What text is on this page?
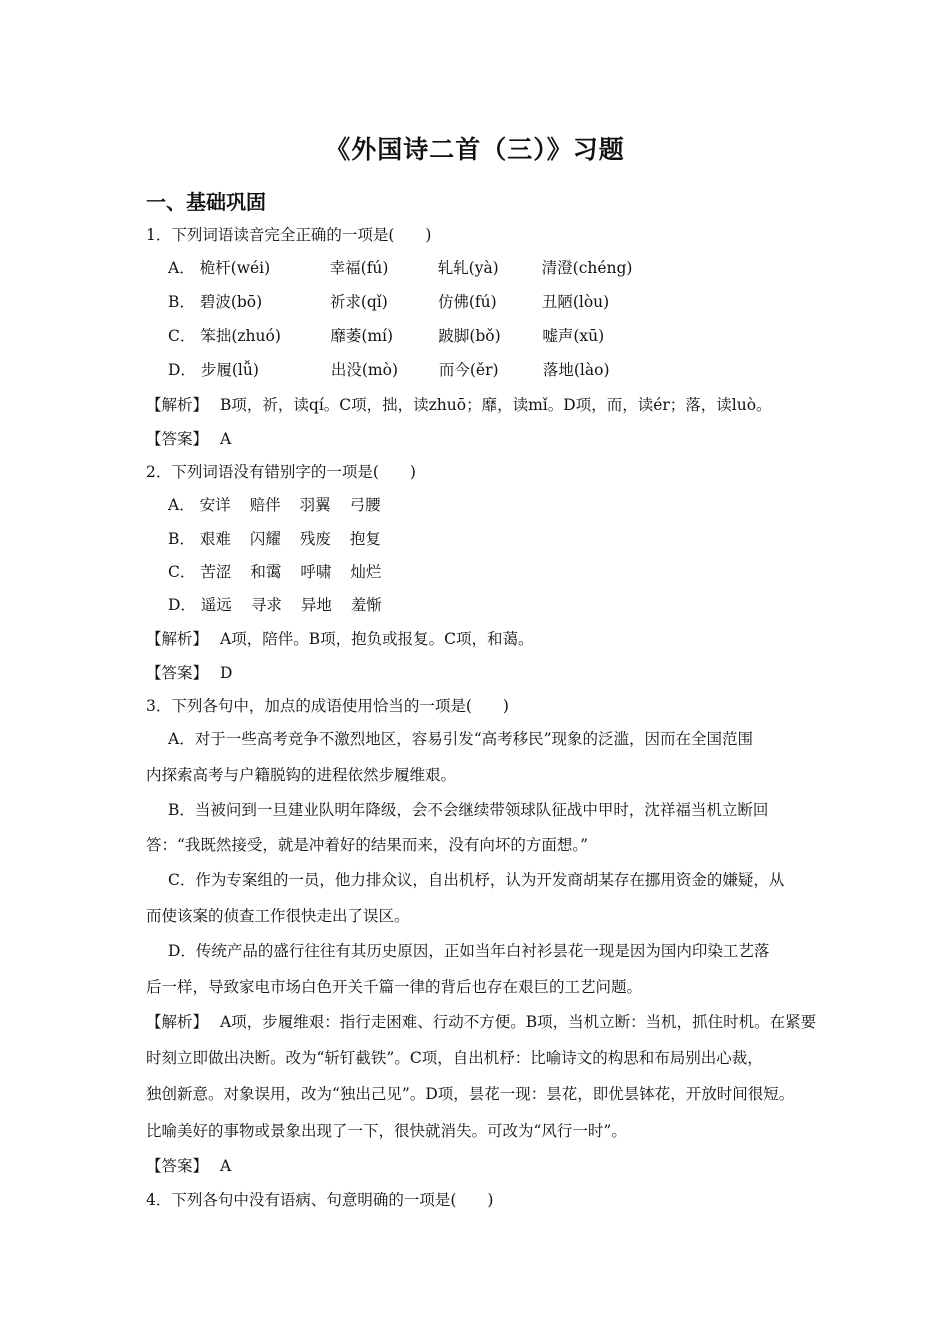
《外国诗二首（三）》习题
一、基础巩固
1．下列词语读音完全正确的一项是(　　)
A． 桅杆(wéi)	幸福(fú)	轧轧(yà)	清澄(chéng)
B． 碧波(bō)	祈求(qǐ)	仿佛(fú)	丑陋(lòu)
C． 笨拙(zhuó)	靡萎(mí)	跛脚(bǒ)	嘘声(xū)
D． 步履(lǚ)	出没(mò)	而今(ěr)	落地(lào)
【解析】 B项，祈，读qí。C项，拙，读zhuō；靡，读mǐ。D项，而，读ér；落，读luò。
【答案】 A
2．下列词语没有错别字的一项是(　　)
A． 安详 赔伴 羽翼 弓腰
B． 艰难 闪耀 残废 抱复
C． 苦涩 和霭 呼啸 灿烂
D． 遥远 寻求 异地 羞惭
【解析】 A项，陪伴。B项，抱负或报复。C项，和蔼。
【答案】 D
3．下列各句中，加点的成语使用恰当的一项是(　　)
A．对于一些高考竞争不激烈地区，容易引发“高考移民”现象的泛滥，因而在全国范围
内探索高考与户籍脱钩的进程依然步履维艰。
B．当被问到一旦建业队明年降级，会不会继续带领球队征战中甲时，沈祥福当机立断回
答：“我既然接受，就是冲着好的结果而来，没有向坏的方面想。”
C．作为专案组的一员，他力排众议，自出机杼，认为开发商胡某存在挪用资金的嫌疑，从
而使该案的侦查工作很快走出了误区。
D．传统产品的盛行往往有其历史原因，正如当年白衬衫昙花一现是因为国内印染工艺落
后一样，导致家电市场白色开关千篇一律的背后也存在艰巨的工艺问题。
【解析】 A项，步履维艰：指行走困难、行动不方便。B项，当机立断：当机，抓住时机。在紧要
时刻立即做出决断。改为“斩钉截铁”。C项，自出机杼：比喻诗文的构思和布局别出心裁，
独创新意。对象误用，改为“独出己见”。D项，昙花一现：昙花，即优昙钵花，开放时间很短。
比喻美好的事物或景象出现了一下，很快就消失。可改为“风行一时”。
【答案】 A
4．下列各句中没有语病、句意明确的一项是(　　)
